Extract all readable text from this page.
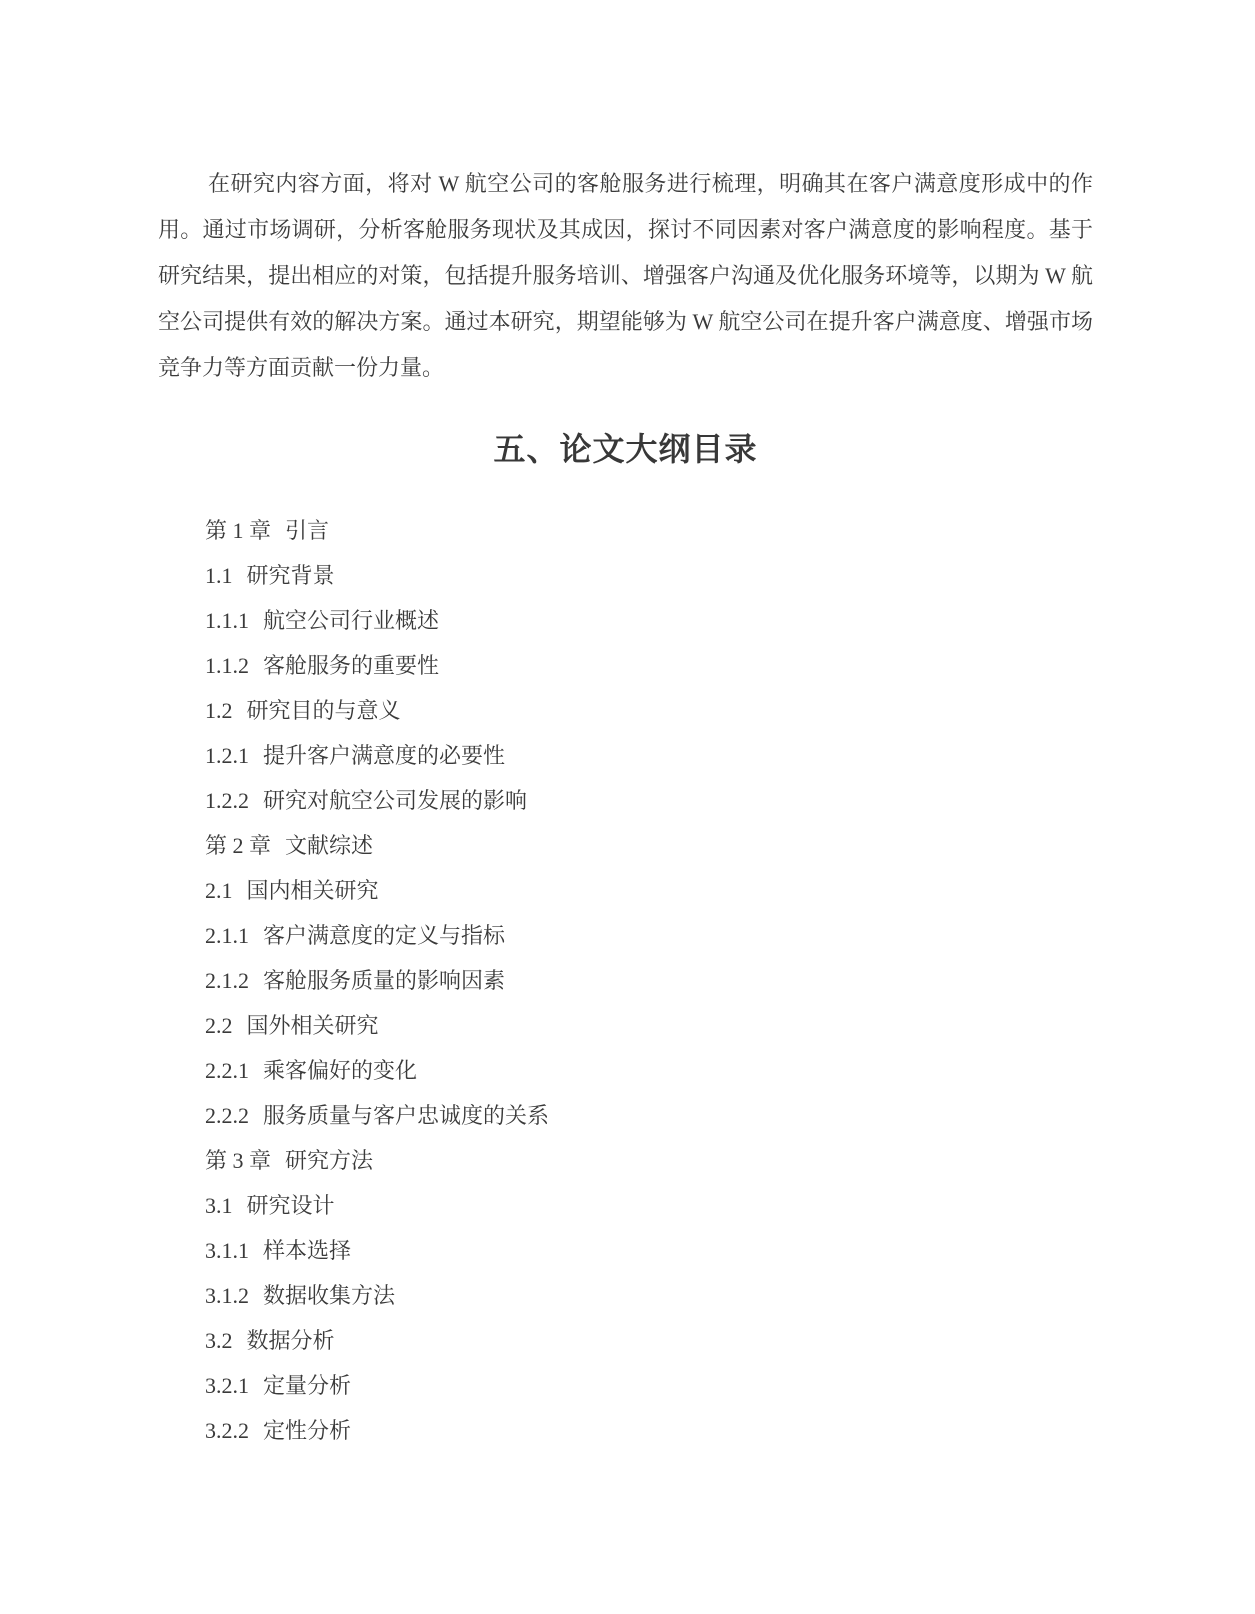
在研究内容方面，将对 W 航空公司的客舱服务进行梳理，明确其在客户满意度形成中的作用。通过市场调研，分析客舱服务现状及其成因，探讨不同因素对客户满意度的影响程度。基于研究结果，提出相应的对策，包括提升服务培训、增强客户沟通及优化服务环境等，以期为 W 航空公司提供有效的解决方案。通过本研究，期望能够为 W 航空公司在提升客户满意度、增强市场竞争力等方面贡献一份力量。

五、论文大纲目录
第 1 章 引言
1.1 研究背景
1.1.1 航空公司行业概述
1.1.2 客舱服务的重要性
1.2 研究目的与意义
1.2.1 提升客户满意度的必要性
1.2.2 研究对航空公司发展的影响
第 2 章 文献综述
2.1 国内相关研究
2.1.1 客户满意度的定义与指标
2.1.2 客舱服务质量的影响因素
2.2 国外相关研究
2.2.1 乘客偏好的变化
2.2.2 服务质量与客户忠诚度的关系
第 3 章 研究方法
3.1 研究设计
3.1.1 样本选择
3.1.2 数据收集方法
3.2 数据分析
3.2.1 定量分析
3.2.2 定性分析
